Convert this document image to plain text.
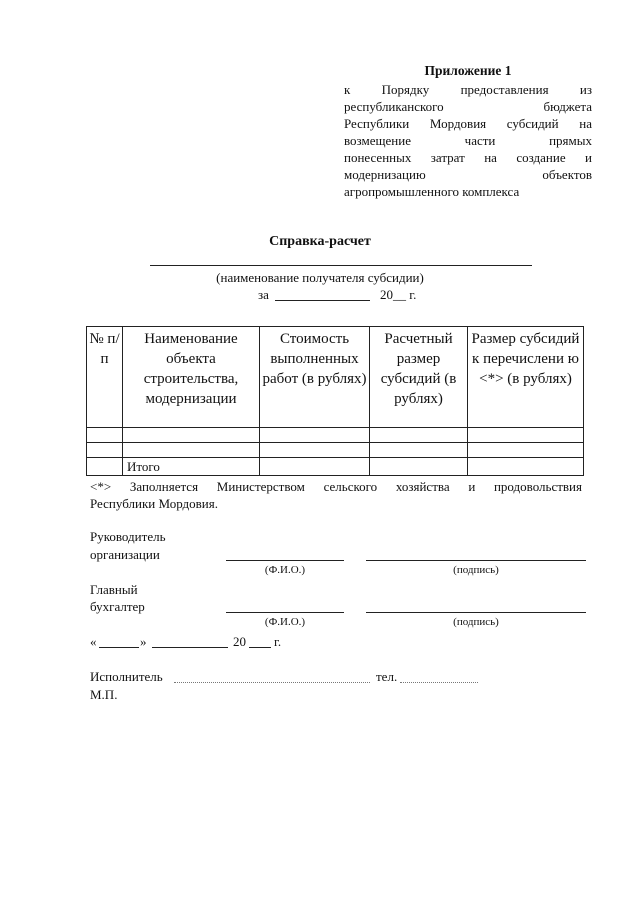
Приложение 1
к Порядку предоставления из
республиканского бюджета
Республики Мордовия субсидий на
возмещение части прямых
понесенных затрат на создание и
модернизацию объектов
агропромышленного комплекса
Справка-расчет
(наименование получателя субсидии)
за	20__ г.
№ п/п	Наименование объекта строительства, модернизации	Стоимость выполненных работ (в рублях)	Расчетный размер субсидий (в рублях)	Размер субсидий к перечислени ю <*> (в рублях)

	Итого			
<*> Заполняется Министерством сельского хозяйства и продовольствия
Республики Мордовия.
Руководитель
организации
(Ф.И.О.)	(подпись)
Главный
бухгалтер
(Ф.И.О.)	(подпись)
«	»	20 г.
Исполнитель	тел.
М.П.
